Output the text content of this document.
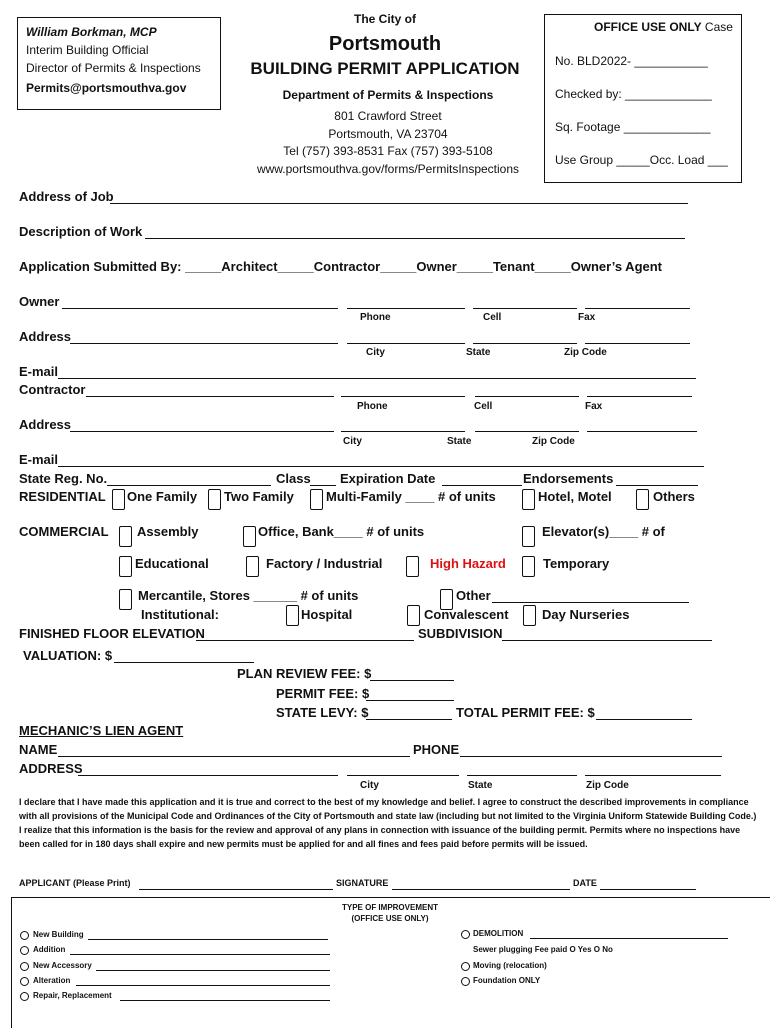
William Borkman, MCP
Interim Building Official
Director of Permits & Inspections
Permits@portsmouthva.gov
The City of
Portsmouth
BUILDING PERMIT APPLICATION
Department of Permits & Inspections
801 Crawford Street
Portsmouth, VA 23704
Tel (757) 393-8531 Fax (757) 393-5108
www.portsmouthva.gov/forms/PermitsInspections
OFFICE USE ONLY Case
No. BLD2022- ___________
Checked by: _____________
Sq. Footage _____________
Use Group _____Occ. Load ___
Address of Job
Description of Work
Application Submitted By: _____Architect_____Contractor_____Owner_____Tenant_____Owner’s Agent
Owner
Phone	Cell	Fax
Address
City	State	Zip Code
E-mail
Contractor
Phone	Cell	Fax
Address
City	State	Zip Code
E-mail
State Reg. No.	Class Expiration Date	Endorsements
RESIDENTIAL One Family Two Family Multi-Family ____ # of units	Hotel, Motel	Others
COMMERCIAL Assembly	Office, Bank____ # of units	Elevator(s)____ # of
Educational	Factory / Industrial	High Hazard	Temporary
Mercantile, Stores ______ # of units	Other
Institutional:	Hospital	Convalescent	Day Nurseries
FINISHED FLOOR ELEVATION	SUBDIVISION
VALUATION: $
PLAN REVIEW FEE: $
PERMIT FEE: $
STATE LEVY: $	TOTAL PERMIT FEE: $
MECHANIC’S LIEN AGENT
NAME	PHONE
ADDRESS
City	State	Zip Code
I declare that I have made this application and it is true and correct to the best of my knowledge and belief. I agree to construct the described improvements in compliance with all provisions of the Municipal Code and Ordinances of the City of Portsmouth and state law (including but not limited to the Virginia Uniform Statewide Building Code.) I realize that this information is the basis for the review and approval of any plans in connection with issuance of the building permit. Permits where no inspections have been called for in 180 days shall expire and new permits must be applied for and all fines and fees paid before permits will be issued.
APPLICANT (Please Print)	SIGNATURE	DATE
TYPE OF IMPROVEMENT
(OFFICE USE ONLY)
New Building
Addition
New Accessory
Alteration
Repair, Replacement
DEMOLITION
Sewer plugging Fee paid O Yes O No
Moving (relocation)
Foundation ONLY
